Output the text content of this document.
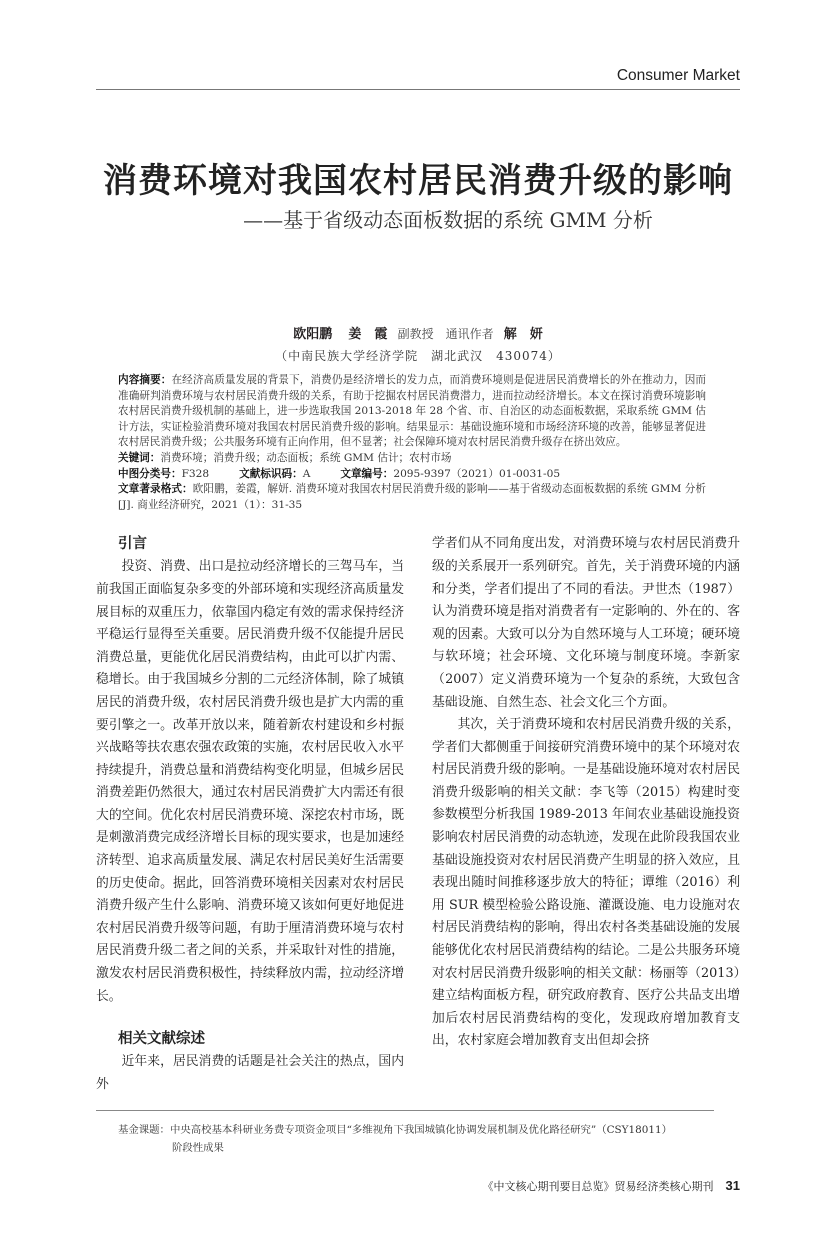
Consumer Market
消费环境对我国农村居民消费升级的影响
——基于省级动态面板数据的系统 GMM 分析
欧阳鹏 姜　霞 副教授　通讯作者 解　妍
（中南民族大学经济学院　湖北武汉　430074）
内容摘要：在经济高质量发展的背景下，消费仍是经济增长的发力点，而消费环境则是促进居民消费增长的外在推动力，因而准确研判消费环境与农村居民消费升级的关系，有助于挖掘农村居民消费潜力，进而拉动经济增长。本文在探讨消费环境影响农村居民消费升级机制的基础上，进一步选取我国 2013-2018 年 28 个省、市、自治区的动态面板数据，采取系统 GMM 估计方法，实证检验消费环境对我国农村居民消费升级的影响。结果显示：基础设施环境和市场经济环境的改善，能够显著促进农村居民消费升级；公共服务环境有正向作用，但不显著；社会保障环境对农村居民消费升级存在挤出效应。
关键词：消费环境；消费升级；动态面板；系统 GMM 估计；农村市场
中图分类号：F328	文献标识码：A	文章编号：2095-9397（2021）01-0031-05
文章著录格式：欧阳鹏，姜霞，解妍. 消费环境对我国农村居民消费升级的影响——基于省级动态面板数据的系统 GMM 分析 [J]. 商业经济研究，2021（1）：31-35

引言

投资、消费、出口是拉动经济增长的三驾马车，当前我国正面临复杂多变的外部环境和实现经济高质量发展目标的双重压力，依靠国内稳定有效的需求保持经济平稳运行显得至关重要。居民消费升级不仅能提升居民消费总量，更能优化居民消费结构，由此可以扩内需、稳增长。由于我国城乡分割的二元经济体制，除了城镇居民的消费升级，农村居民消费升级也是扩大内需的重要引擎之一。改革开放以来，随着新农村建设和乡村振兴战略等扶农惠农强农政策的实施，农村居民收入水平持续提升，消费总量和消费结构变化明显，但城乡居民消费差距仍然很大，通过农村居民消费扩大内需还有很大的空间。优化农村居民消费环境、深挖农村市场，既是刺激消费完成经济增长目标的现实要求，也是加速经济转型、追求高质量发展、满足农村居民美好生活需要的历史使命。据此，回答消费环境相关因素对农村居民消费升级产生什么影响、消费环境又该如何更好地促进农村居民消费升级等问题，有助于厘清消费环境与农村居民消费升级二者之间的关系，并采取针对性的措施，激发农村居民消费积极性，持续释放内需，拉动经济增长。

相关文献综述

近年来，居民消费的话题是社会关注的热点，国内外

学者们从不同角度出发，对消费环境与农村居民消费升级的关系展开一系列研究。首先，关于消费环境的内涵和分类，学者们提出了不同的看法。尹世杰（1987）认为消费环境是指对消费者有一定影响的、外在的、客观的因素。大致可以分为自然环境与人工环境；硬环境与软环境；社会环境、文化环境与制度环境。李新家（2007）定义消费环境为一个复杂的系统，大致包含基础设施、自然生态、社会文化三个方面。

其次，关于消费环境和农村居民消费升级的关系，学者们大都侧重于间接研究消费环境中的某个环境对农村居民消费升级的影响。一是基础设施环境对农村居民消费升级影响的相关文献：李飞等（2015）构建时变参数模型分析我国 1989-2013 年间农业基础设施投资影响农村居民消费的动态轨迹，发现在此阶段我国农业基础设施投资对农村居民消费产生明显的挤入效应，且表现出随时间推移逐步放大的特征；谭维（2016）利用 SUR 模型检验公路设施、灌溉设施、电力设施对农村居民消费结构的影响，得出农村各类基础设施的发展能够优化农村居民消费结构的结论。二是公共服务环境对农村居民消费升级影响的相关文献：杨丽等（2013）建立结构面板方程，研究政府教育、医疗公共品支出增加后农村居民消费结构的变化，发现政府增加教育支出，农村家庭会增加教育支出但却会挤

基金课题：中央高校基本科研业务费专项资金项目“多维视角下我国城镇化协调发展机制及优化路径研究”（CSY18011）
阶段性成果
《中文核心期刊要目总览》贸易经济类核心期刊 31
